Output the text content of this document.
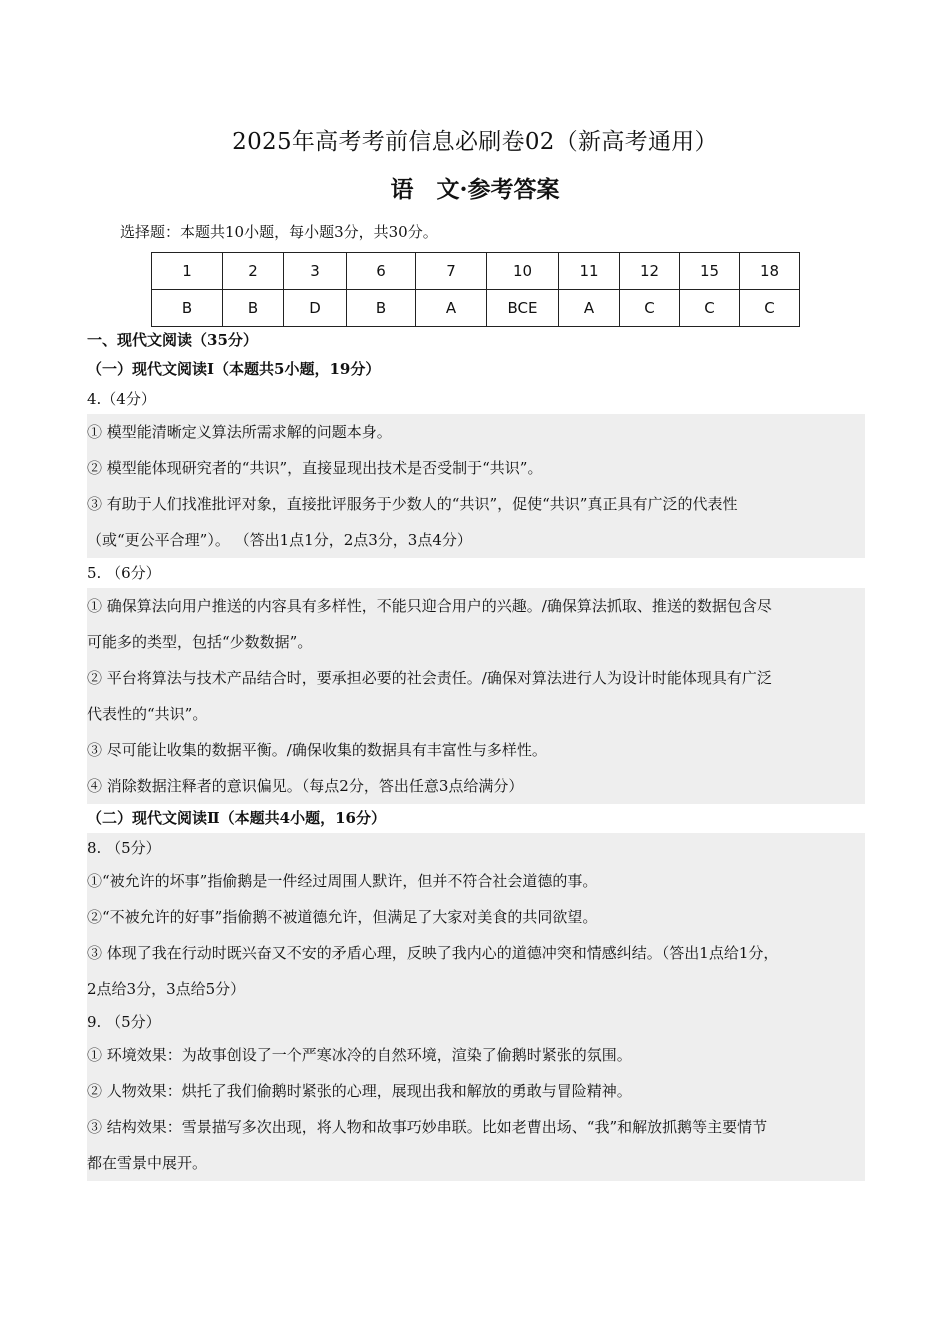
2025年高考考前信息必刷卷02（新高考通用）
语　文·参考答案
选择题：本题共10小题，每小题3分，共30分。
1	2	3	6	7	10	11	12	15	18
B	B	D	B	A	BCE	A	C	C	C
一、现代文阅读（35分）
（一）现代文阅读Ⅰ（本题共5小题，19分）
4.（4分）
① 模型能清晰定义算法所需求解的问题本身。
② 模型能体现研究者的“共识”，直接显现出技术是否受制于“共识”。
③ 有助于人们找准批评对象，直接批评服务于少数人的“共识”，促使“共识”真正具有广泛的代表性
（或“更公平合理”）。 （答出1点1分，2点3分，3点4分）
5. （6分）
① 确保算法向用户推送的内容具有多样性，不能只迎合用户的兴趣。/确保算法抓取、推送的数据包含尽
可能多的类型，包括“少数数据”。
② 平台将算法与技术产品结合时，要承担必要的社会责任。/确保对算法进行人为设计时能体现具有广泛
代表性的“共识”。
③ 尽可能让收集的数据平衡。/确保收集的数据具有丰富性与多样性。
④ 消除数据注释者的意识偏见。（每点2分，答出任意3点给满分）
（二）现代文阅读Ⅱ（本题共4小题，16分）
8. （5分）
①“被允许的坏事”指偷鹅是一件经过周围人默许，但并不符合社会道德的事。
②“不被允许的好事”指偷鹅不被道德允许，但满足了大家对美食的共同欲望。
③ 体现了我在行动时既兴奋又不安的矛盾心理，反映了我内心的道德冲突和情感纠结。（答出1点给1分，
2点给3分，3点给5分）
9. （5分）
① 环境效果：为故事创设了一个严寒冰冷的自然环境，渲染了偷鹅时紧张的氛围。
② 人物效果：烘托了我们偷鹅时紧张的心理，展现出我和解放的勇敢与冒险精神。
③ 结构效果：雪景描写多次出现，将人物和故事巧妙串联。比如老曹出场、“我”和解放抓鹅等主要情节
都在雪景中展开。
